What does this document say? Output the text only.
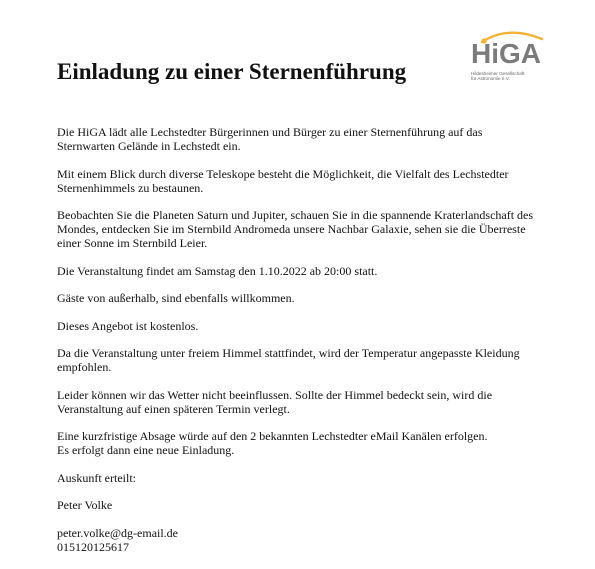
HiGA
Hildesheimer Gesellschaft
für Astronomie e.V.
Einladung zu einer Sternenführung

Die HiGA lädt alle Lechstedter Bürgerinnen und Bürger zu einer Sternenführung auf das
Sternwarten Gelände in Lechstedt ein.

Mit einem Blick durch diverse Teleskope besteht die Möglichkeit, die Vielfalt des Lechstedter
Sternenhimmels zu bestaunen.

Beobachten Sie die Planeten Saturn und Jupiter, schauen Sie in die spannende Kraterlandschaft des
Mondes, entdecken Sie im Sternbild Andromeda unsere Nachbar Galaxie, sehen sie die Überreste
einer Sonne im Sternbild Leier.

Die Veranstaltung findet am Samstag den 1.10.2022 ab 20:00 statt.

Gäste von außerhalb, sind ebenfalls willkommen.

Dieses Angebot ist kostenlos.

Da die Veranstaltung unter freiem Himmel stattfindet, wird der Temperatur angepasste Kleidung
empfohlen.

Leider können wir das Wetter nicht beeinflussen. Sollte der Himmel bedeckt sein, wird die
Veranstaltung auf einen späteren Termin verlegt.

Eine kurzfristige Absage würde auf den 2 bekannten Lechstedter eMail Kanälen erfolgen.
Es erfolgt dann eine neue Einladung.

Auskunft erteilt:

Peter Volke

peter.volke@dg-email.de
015120125617
